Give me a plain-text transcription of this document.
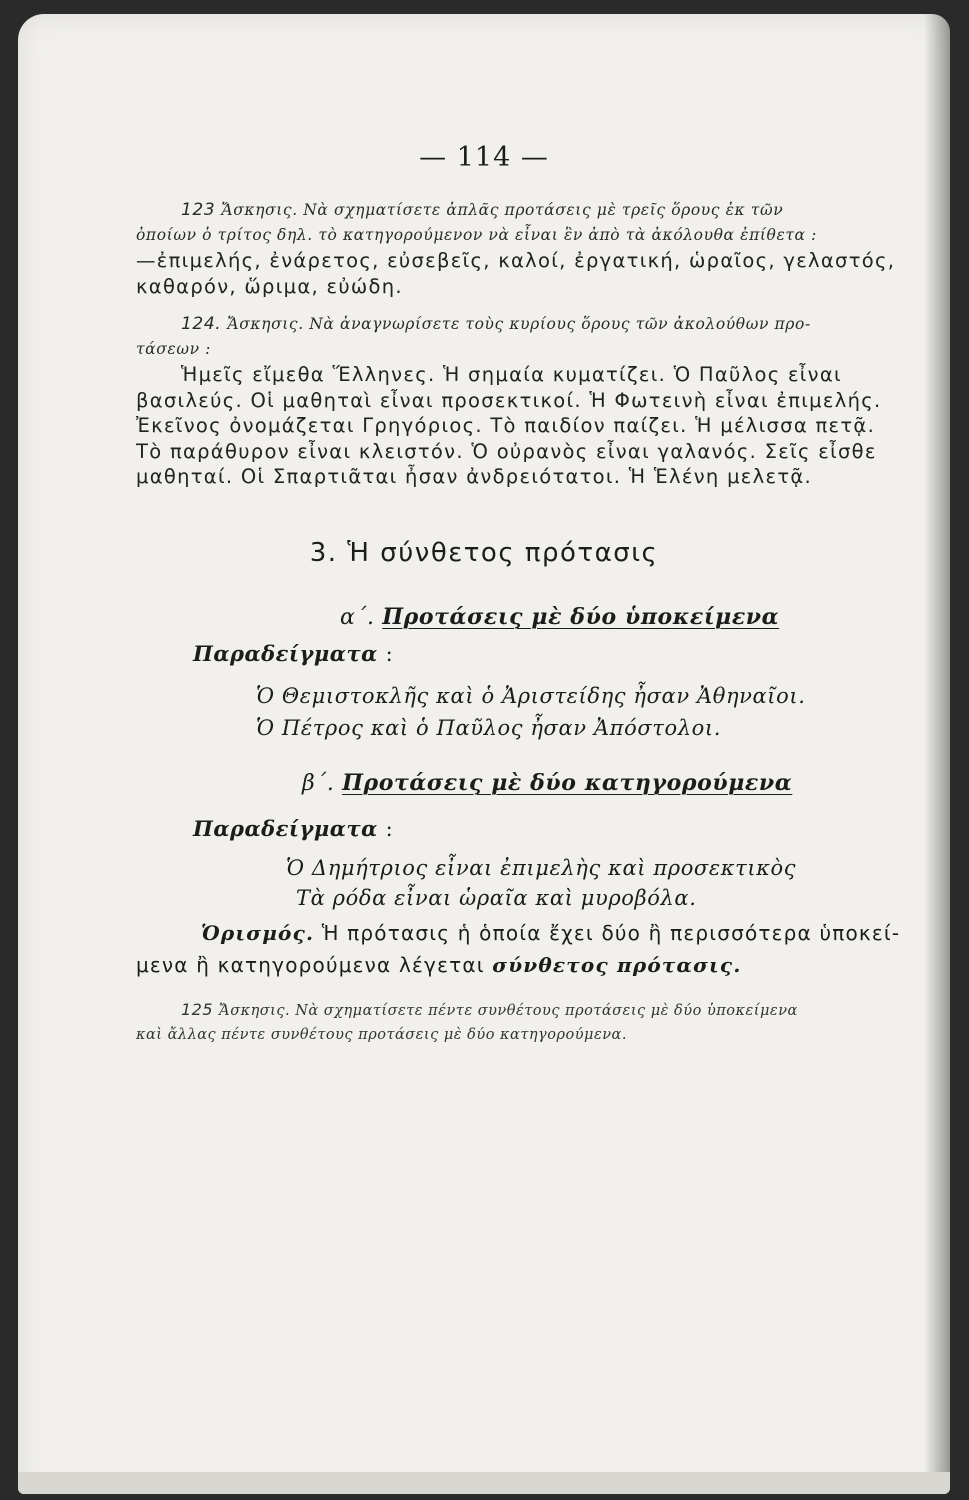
— 114 —
123 Ἄσκησις. Νὰ σχηματίσετε ἁπλᾶς προτάσεις μὲ τρεῖς ὅρους ἐκ τῶν
ὁποίων ὁ τρίτος δηλ. τὸ κατηγορούμενον νὰ εἶναι ἓν ἀπὸ τὰ ἀκόλουθα ἐπίθετα :
—ἐπιμελής, ἐνάρετος, εὐσεβεῖς, καλοί, ἐργατική, ὡραῖος, γελαστός,
καθαρόν, ὥριμα, εὐώδη.
124. Ἄσκησις. Νὰ ἀναγνωρίσετε τοὺς κυρίους ὅρους τῶν ἀκολούθων προ-
τάσεων :
Ἡμεῖς εἴμεθα Ἕλληνες. Ἡ σημαία κυματίζει. Ὁ Παῦλος εἶναι
βασιλεύς. Οἱ μαθηταὶ εἶναι προσεκτικοί. Ἡ Φωτεινὴ εἶναι ἐπιμελής.
Ἐκεῖνος ὀνομάζεται Γρηγόριος. Τὸ παιδίον παίζει. Ἡ μέλισσα πετᾷ.
Τὸ παράθυρον εἶναι κλειστόν. Ὁ οὐρανὸς εἶναι γαλανός. Σεῖς εἶσθε
μαθηταί. Οἱ Σπαρτιᾶται ἦσαν ἀνδρειότατοι. Ἡ Ἑλένη μελετᾷ.
3. Ἡ σύνθετος πρότασις
α΄. Προτάσεις μὲ δύο ὑποκείμενα
Παραδείγματα :
Ὁ Θεμιστοκλῆς καὶ ὁ Ἀριστείδης ἦσαν Ἀθηναῖοι.
Ὁ Πέτρος καὶ ὁ Παῦλος ἦσαν Ἀπόστολοι.
β΄. Προτάσεις μὲ δύο κατηγορούμενα
Παραδείγματα :
Ὁ Δημήτριος εἶναι ἐπιμελὴς καὶ προσεκτικὸς
Τὰ ρόδα εἶναι ὡραῖα καὶ μυροβόλα.
Ὁρισμός. Ἡ πρότασις ἡ ὁποία ἔχει δύο ἢ περισσότερα ὑποκεί-
μενα ἢ κατηγορούμενα λέγεται σύνθετος πρότασις.
125 Ἄσκησις. Νὰ σχηματίσετε πέντε συνθέτους προτάσεις μὲ δύο ὑποκείμενα
καὶ ἄλλας πέντε συνθέτους προτάσεις μὲ δύο κατηγορούμενα.
